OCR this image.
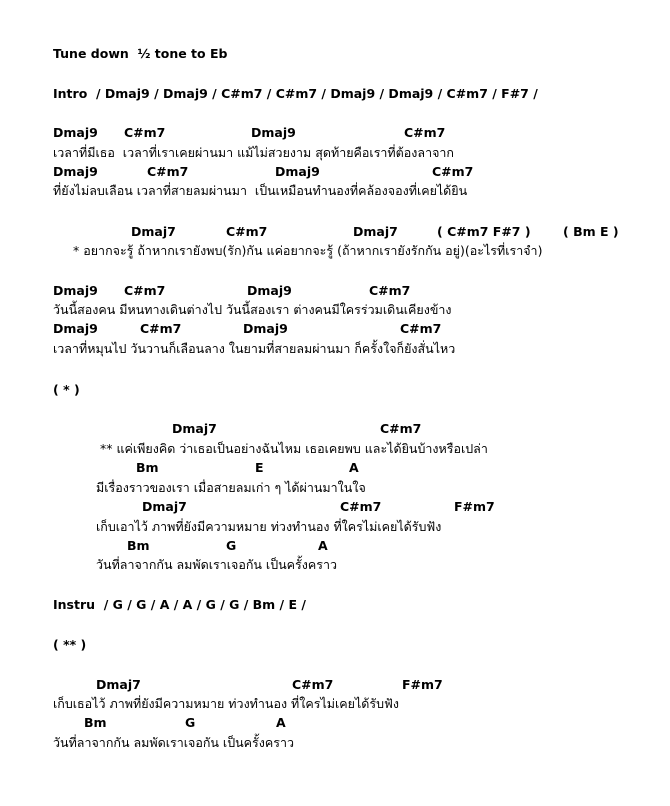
Tune down  ½ tone to Eb
Intro  / Dmaj9 / Dmaj9 / C#m7 / C#m7 / Dmaj9 / Dmaj9 / C#m7 / F#7 /
Dmaj9 C#m7	Dmaj9	C#m7
เวลาที่มีเธอ  เวลาที่เราเคยผ่านมา แม้ไม่สวยงาม สุดท้ายคือเราที่ต้องลาจาก
Dmaj9	C#m7	Dmaj9	C#m7
ที่ยังไม่ลบเลือน เวลาที่สายลมผ่านมา  เป็นเหมือนทำนองที่คล้องจองที่เคยได้ยิน
Dmaj7	C#m7	Dmaj7	( C#m7 F#7 )	( Bm E )
* อยากจะรู้ ถ้าหากเรายังพบ(รัก)กัน แค่อยากจะรู้ (ถ้าหากเรายังรักกัน อยู่)(อะไรที่เราจำ)
Dmaj9 C#m7	Dmaj9	C#m7
วันนี้สองคน มีหนทางเดินต่างไป วันนี้สองเรา ต่างคนมีใครร่วมเดินเคียงข้าง
Dmaj9	C#m7	Dmaj9	C#m7
เวลาที่หมุนไป วันวานก็เลือนลาง ในยามที่สายลมผ่านมา ก็ครั้งใจก็ยังสั่นไหว
( * )
Dmaj7	C#m7
** แค่เพียงคิด ว่าเธอเป็นอย่างฉันไหม เธอเคยพบ และได้ยินบ้างหรือเปล่า
Bm	E	A
มีเรื่องราวของเรา เมื่อสายลมเก่า ๆ ได้ผ่านมาในใจ
Dmaj7	C#m7	F#m7
เก็บเอาไว้ ภาพที่ยังมีความหมาย ท่วงทำนอง ที่ใครไม่เคยได้รับฟัง
Bm	G	A
วันที่ลาจากกัน ลมพัดเราเจอกัน เป็นครั้งคราว
Instru  / G / G / A / A / G / G / Bm / E /
( ** )
Dmaj7	C#m7	F#m7
เก็บเธอไว้ ภาพที่ยังมีความหมาย ท่วงทำนอง ที่ใครไม่เคยได้รับฟัง
Bm	G	A
วันที่ลาจากกัน ลมพัดเราเจอกัน เป็นครั้งคราว
